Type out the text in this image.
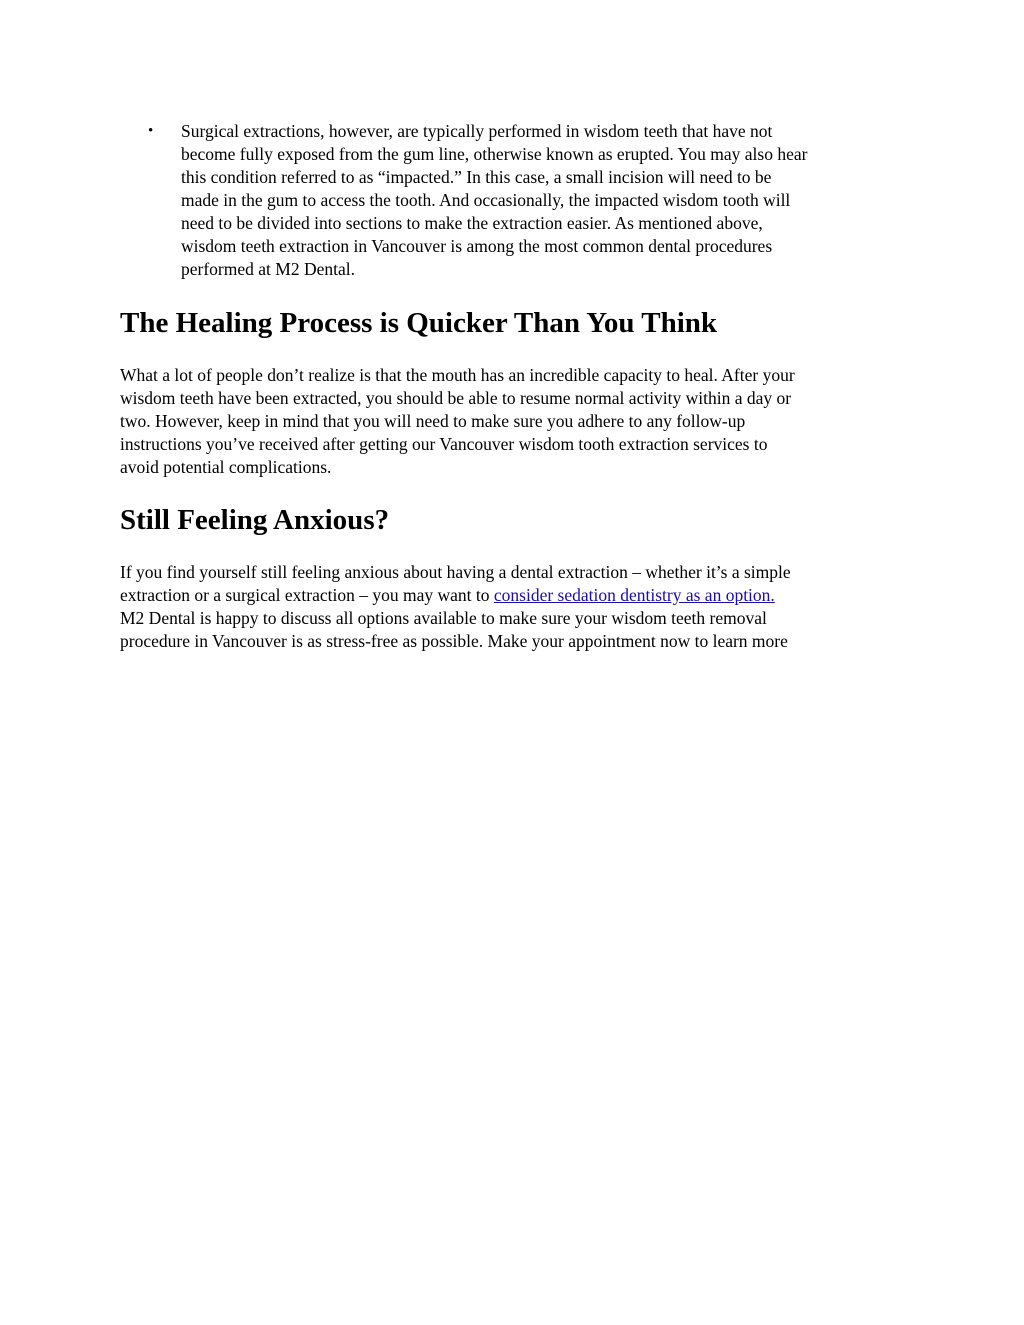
• Surgical extractions, however, are typically performed in wisdom teeth that have not
become fully exposed from the gum line, otherwise known as erupted. You may also hear
this condition referred to as “impacted.” In this case, a small incision will need to be
made in the gum to access the tooth. And occasionally, the impacted wisdom tooth will
need to be divided into sections to make the extraction easier. As mentioned above,
wisdom teeth extraction in Vancouver is among the most common dental procedures
performed at M2 Dental.
The Healing Process is Quicker Than You Think

What a lot of people don’t realize is that the mouth has an incredible capacity to heal. After your
wisdom teeth have been extracted, you should be able to resume normal activity within a day or
two. However, keep in mind that you will need to make sure you adhere to any follow-up
instructions you’ve received after getting our Vancouver wisdom tooth extraction services to
avoid potential complications.

Still Feeling Anxious?

If you find yourself still feeling anxious about having a dental extraction – whether it’s a simple
extraction or a surgical extraction – you may want to consider sedation dentistry as an option.
M2 Dental is happy to discuss all options available to make sure your wisdom teeth removal
procedure in Vancouver is as stress-free as possible. Make your appointment now to learn more
